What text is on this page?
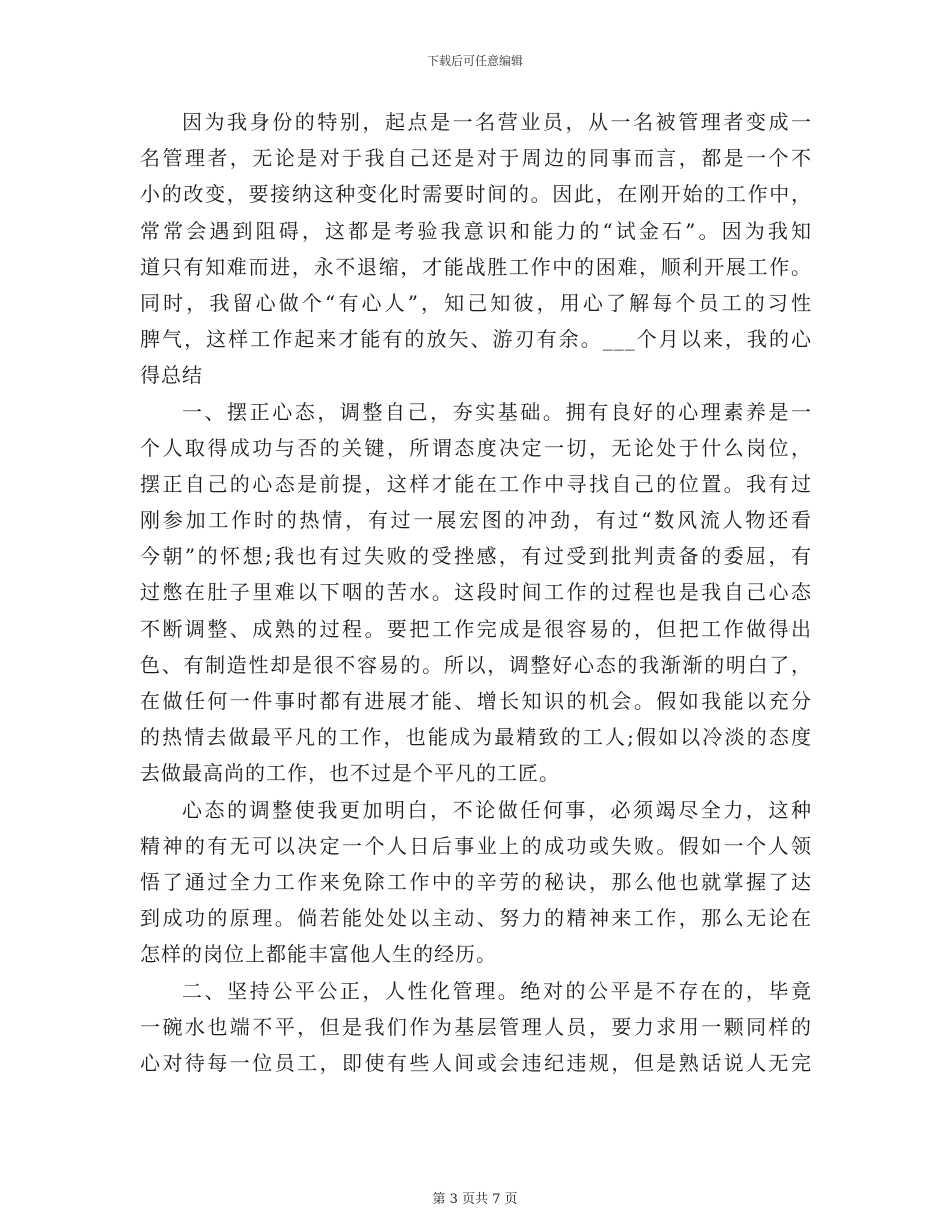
下载后可任意编辑
因为我身份的特别，起点是一名营业员，从一名被管理者变成一
名管理者，无论是对于我自己还是对于周边的同事而言，都是一个不
小的改变，要接纳这种变化时需要时间的。因此，在刚开始的工作中，
常常会遇到阻碍，这都是考验我意识和能力的“试金石”。因为我知
道只有知难而进，永不退缩，才能战胜工作中的困难，顺利开展工作。
同时，我留心做个“有心人”，知己知彼，用心了解每个员工的习性
脾气，这样工作起来才能有的放矢、游刃有余。___个月以来，我的心
得总结
一、摆正心态，调整自己，夯实基础。拥有良好的心理素养是一
个人取得成功与否的关键，所谓态度决定一切，无论处于什么岗位，
摆正自己的心态是前提，这样才能在工作中寻找自己的位置。我有过
刚参加工作时的热情，有过一展宏图的冲劲，有过“数风流人物还看
今朝”的怀想;我也有过失败的受挫感，有过受到批判责备的委屈，有
过憋在肚子里难以下咽的苦水。这段时间工作的过程也是我自己心态
不断调整、成熟的过程。要把工作完成是很容易的，但把工作做得出
色、有制造性却是很不容易的。所以，调整好心态的我渐渐的明白了，
在做任何一件事时都有进展才能、增长知识的机会。假如我能以充分
的热情去做最平凡的工作，也能成为最精致的工人;假如以冷淡的态度
去做最高尚的工作，也不过是个平凡的工匠。
心态的调整使我更加明白，不论做任何事，必须竭尽全力，这种
精神的有无可以决定一个人日后事业上的成功或失败。假如一个人领
悟了通过全力工作来免除工作中的辛劳的秘诀，那么他也就掌握了达
到成功的原理。倘若能处处以主动、努力的精神来工作，那么无论在
怎样的岗位上都能丰富他人生的经历。
二、坚持公平公正，人性化管理。绝对的公平是不存在的，毕竟
一碗水也端不平，但是我们作为基层管理人员，要力求用一颗同样的
心对待每一位员工，即使有些人间或会违纪违规，但是熟话说人无完
第 3 页共 7 页
